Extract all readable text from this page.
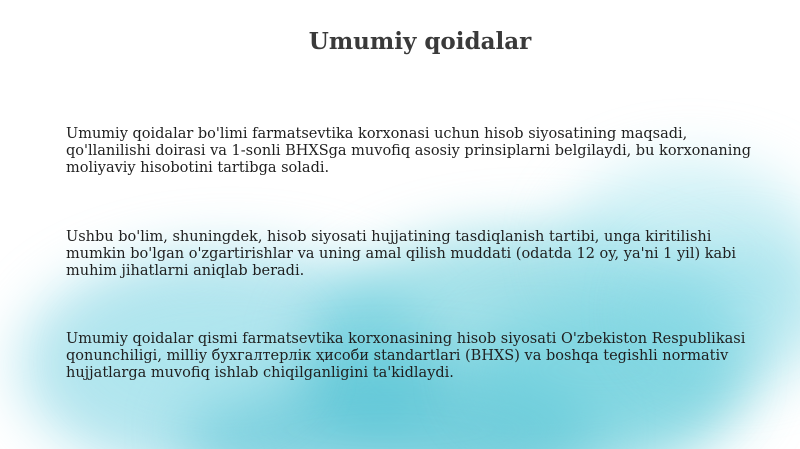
Umumiy qoidalar

Umumiy qoidalar bo'limi farmatsevtika korxonasi uchun hisob siyosatining maqsadi, qo'llanilishi doirasi va 1-sonli BHXSga muvofiq asosiy prinsiplarni belgilaydi, bu korxonaning moliyaviy hisobotini tartibga soladi.

Ushbu bo'lim, shuningdek, hisob siyosati hujjatining tasdiqlanish tartibi, unga kiritilishi mumkin bo'lgan o'zgartirishlar va uning amal qilish muddati (odatda 12 oy, ya'ni 1 yil) kabi muhim jihatlarni aniqlab beradi.

Umumiy qoidalar qismi farmatsevtika korxonasining hisob siyosati O'zbekiston Respublikasi qonunchiligi, milliy бухгалтерлік ҳисоби standartlari (BHXS) va boshqa tegishli normativ hujjatlarga muvofiq ishlab chiqilganligini ta'kidlaydi.
